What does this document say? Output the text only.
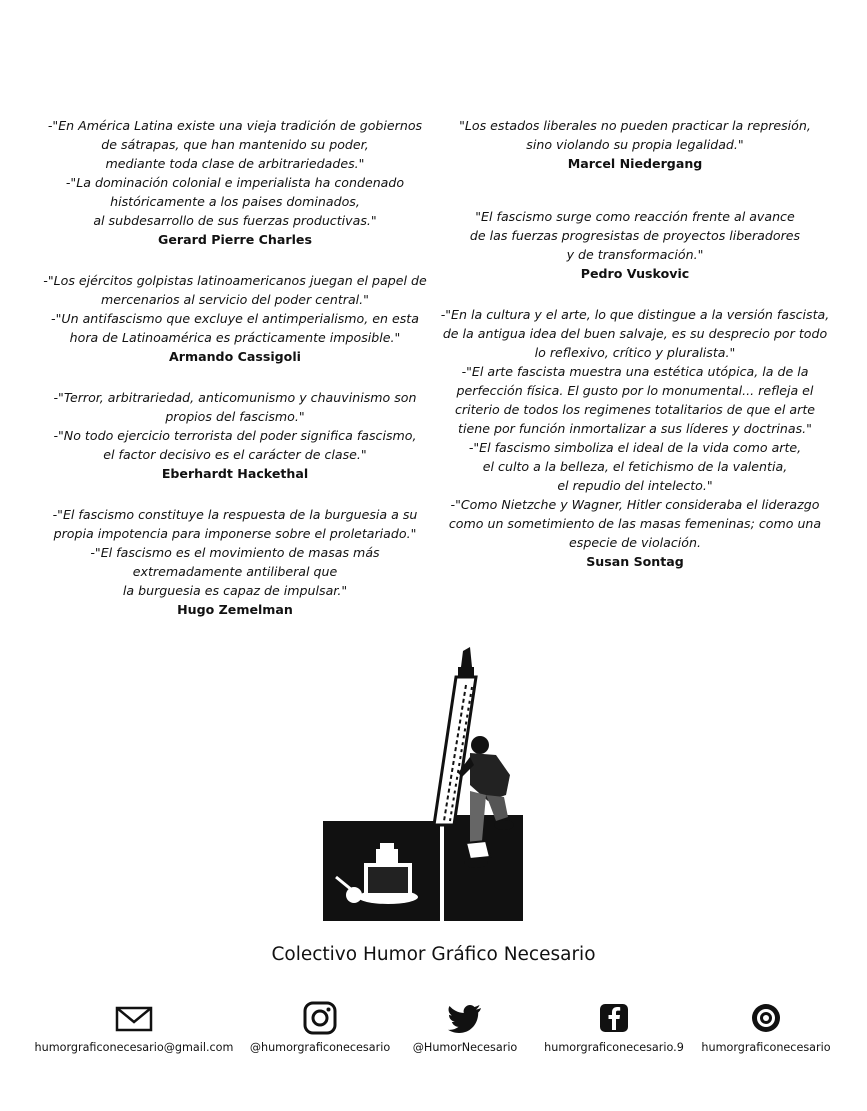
-"En América Latina existe una vieja tradición de gobiernos
de sátrapas, que han mantenido su poder,
mediante toda clase de arbitrariedades."

-"La dominación colonial e imperialista ha condenado
históricamente a los paises dominados,
al subdesarrollo de sus fuerzas productivas."

Gerard Pierre Charles

-"Los ejércitos golpistas latinoamericanos juegan el papel de
mercenarios al servicio del poder central."

-"Un antifascismo que excluye el antimperialismo, en esta
hora de Latinoamérica es prácticamente imposible."

Armando Cassigoli

-"Terror, arbitrariedad, anticomunismo y chauvinismo son
propios del fascismo."

-"No todo ejercicio terrorista del poder significa fascismo,
el factor decisivo es el carácter de clase."

Eberhardt Hackethal

-"El fascismo constituye la respuesta de la burguesia a su
propia impotencia para imponerse sobre el proletariado."

-"El fascismo es el movimiento de masas más
extremadamente antiliberal que
la burguesia es capaz de impulsar."

Hugo Zemelman

"Los estados liberales no pueden practicar la represión,
sino violando su propia legalidad."

Marcel Niedergang

"El fascismo surge como reacción frente al avance
de las fuerzas progresistas de proyectos liberadores
y de transformación."

Pedro Vuskovic

-"En la cultura y el arte, lo que distingue a la versión fascista,
de la antigua idea del buen salvaje, es su desprecio por todo
lo reflexivo, crítico y pluralista."

-"El arte fascista muestra una estética utópica, la de la
perfección física. El gusto por lo monumental... refleja el
criterio de todos los regimenes totalitarios de que el arte
tiene por función inmortalizar a sus líderes y doctrinas."

-"El fascismo simboliza el ideal de la vida como arte,
el culto a la belleza, el fetichismo de la valentia,
el repudio del intelecto."

-"Como Nietzche y Wagner, Hitler consideraba el liderazgo
como un sometimiento de las masas femeninas; como una
especie de violación.

Susan Sontag

Colectivo Humor Gráfico Necesario
humorgraficonecesario@gmail.com	@humorgraficonecesario	@HumorNecesario	humorgraficonecesario.9	humorgraficonecesario
